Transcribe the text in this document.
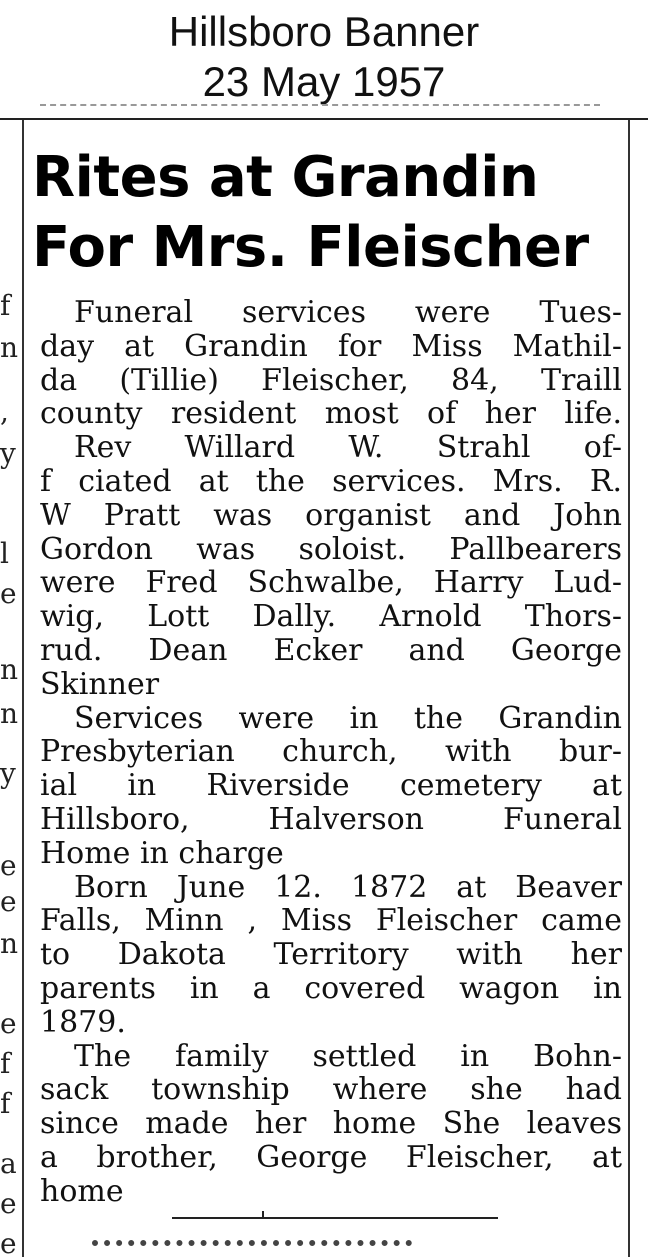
Hillsboro Banner
23 May 1957
f
n
,
y
l
e
n
n
y
e
e
n
e
f
f
a
e
e
Rites at Grandin
For Mrs. Fleischer
Funeral services were Tues-
day at Grandin for Miss Mathil-
da (Tillie) Fleischer, 84, Traill
county resident most of her life.
Rev Willard W. Strahl of-
f ciated at the services. Mrs. R.
W Pratt was organist and John
Gordon was soloist. Pallbearers
were Fred Schwalbe, Harry Lud-
wig, Lott Dally. Arnold Thors-
rud. Dean Ecker and George
Skinner
Services were in the Grandin
Presbyterian church, with bur-
ial in Riverside cemetery at
Hillsboro, Halverson Funeral
Home in charge
Born June 12. 1872 at Beaver
Falls, Minn , Miss Fleischer came
to Dakota Territory with her
parents in a covered wagon in
1879.
The family settled in Bohn-
sack township where she had
since made her home She leaves
a brother, George Fleischer, at
home
